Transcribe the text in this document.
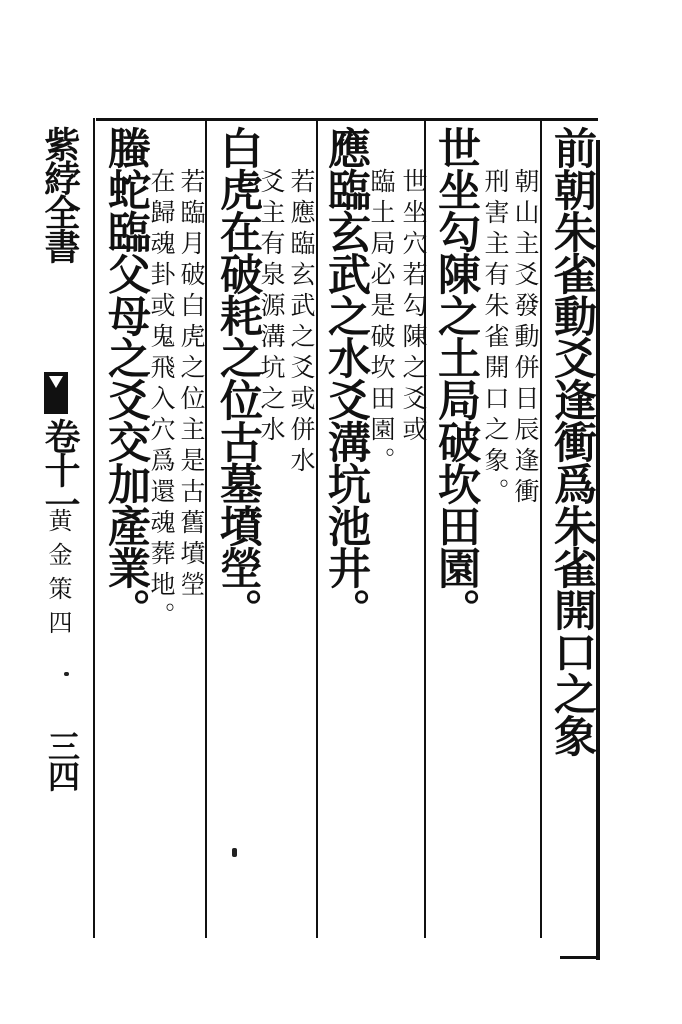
紫綍全書
卷十一
黄金策四
三四
前朝朱雀動爻逢衝爲朱雀開口之象
朝山主爻發動併日辰逢衝
刑害主有朱雀開口之象。
世坐勾陳之土局破坎田園。
世坐穴若勾陳之爻或
臨土局必是破坎田園。
應臨玄武之水爻溝坑池井。
若應臨玄武之爻或併水
爻主有泉源溝坑之水
白虎在破耗之位古墓墳塋。
若臨月破白虎之位主是古舊墳塋
在歸魂卦或鬼飛入穴爲還魂葬地。
螣蛇臨父母之爻交加產業。
